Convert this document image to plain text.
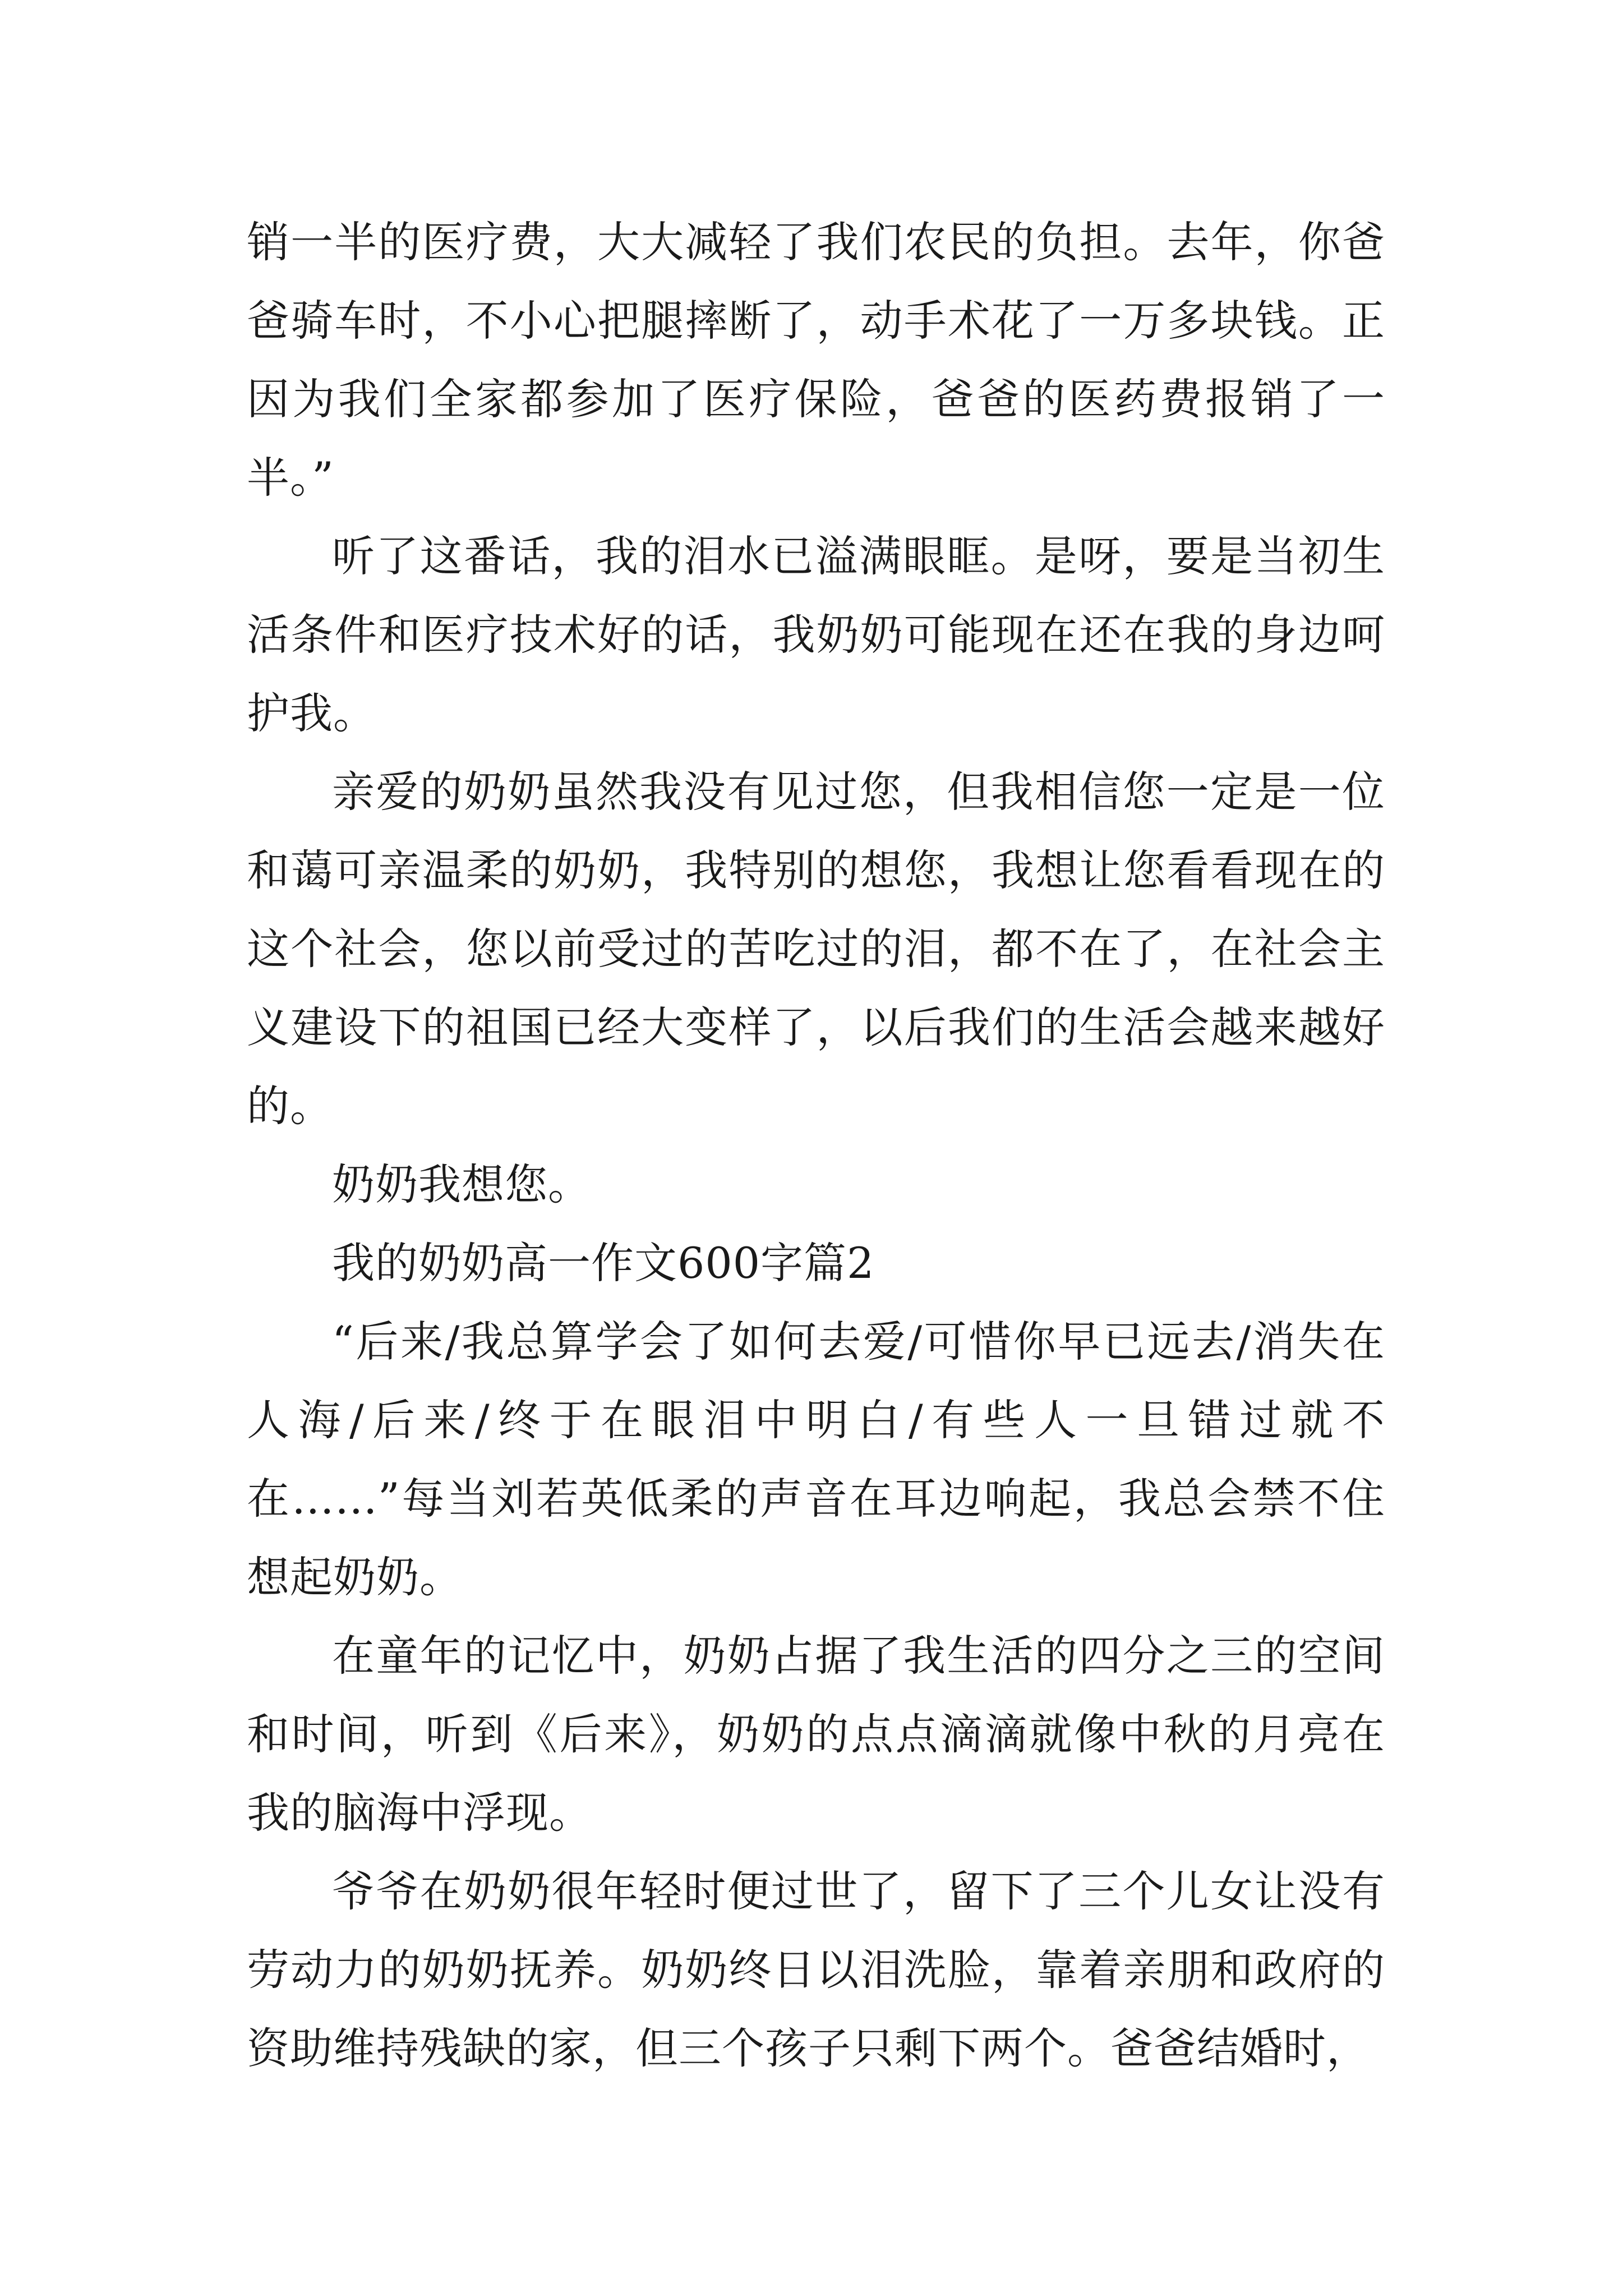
销一半的医疗费，大大减轻了我们农民的负担。去年，你爸爸骑车时，不小心把腿摔断了，动手术花了一万多块钱。正因为我们全家都参加了医疗保险，爸爸的医药费报销了一半。”

听了这番话，我的泪水已溢满眼眶。是呀，要是当初生活条件和医疗技术好的话，我奶奶可能现在还在我的身边呵护我。

亲爱的奶奶虽然我没有见过您，但我相信您一定是一位和蔼可亲温柔的奶奶，我特别的想您，我想让您看看现在的这个社会，您以前受过的苦吃过的泪，都不在了，在社会主义建设下的祖国已经大变样了，以后我们的生活会越来越好的。

奶奶我想您。

我的奶奶高一作文600字篇2

“后来/我总算学会了如何去爱/可惜你早已远去/消失在人海/后来/终于在眼泪中明白/有些人一旦错过就不在……”每当刘若英低柔的声音在耳边响起，我总会禁不住想起奶奶。

在童年的记忆中，奶奶占据了我生活的四分之三的空间和时间，听到《后来》，奶奶的点点滴滴就像中秋的月亮在我的脑海中浮现。

爷爷在奶奶很年轻时便过世了，留下了三个儿女让没有劳动力的奶奶抚养。奶奶终日以泪洗脸，靠着亲朋和政府的资助维持残缺的家，但三个孩子只剩下两个。爸爸结婚时，
